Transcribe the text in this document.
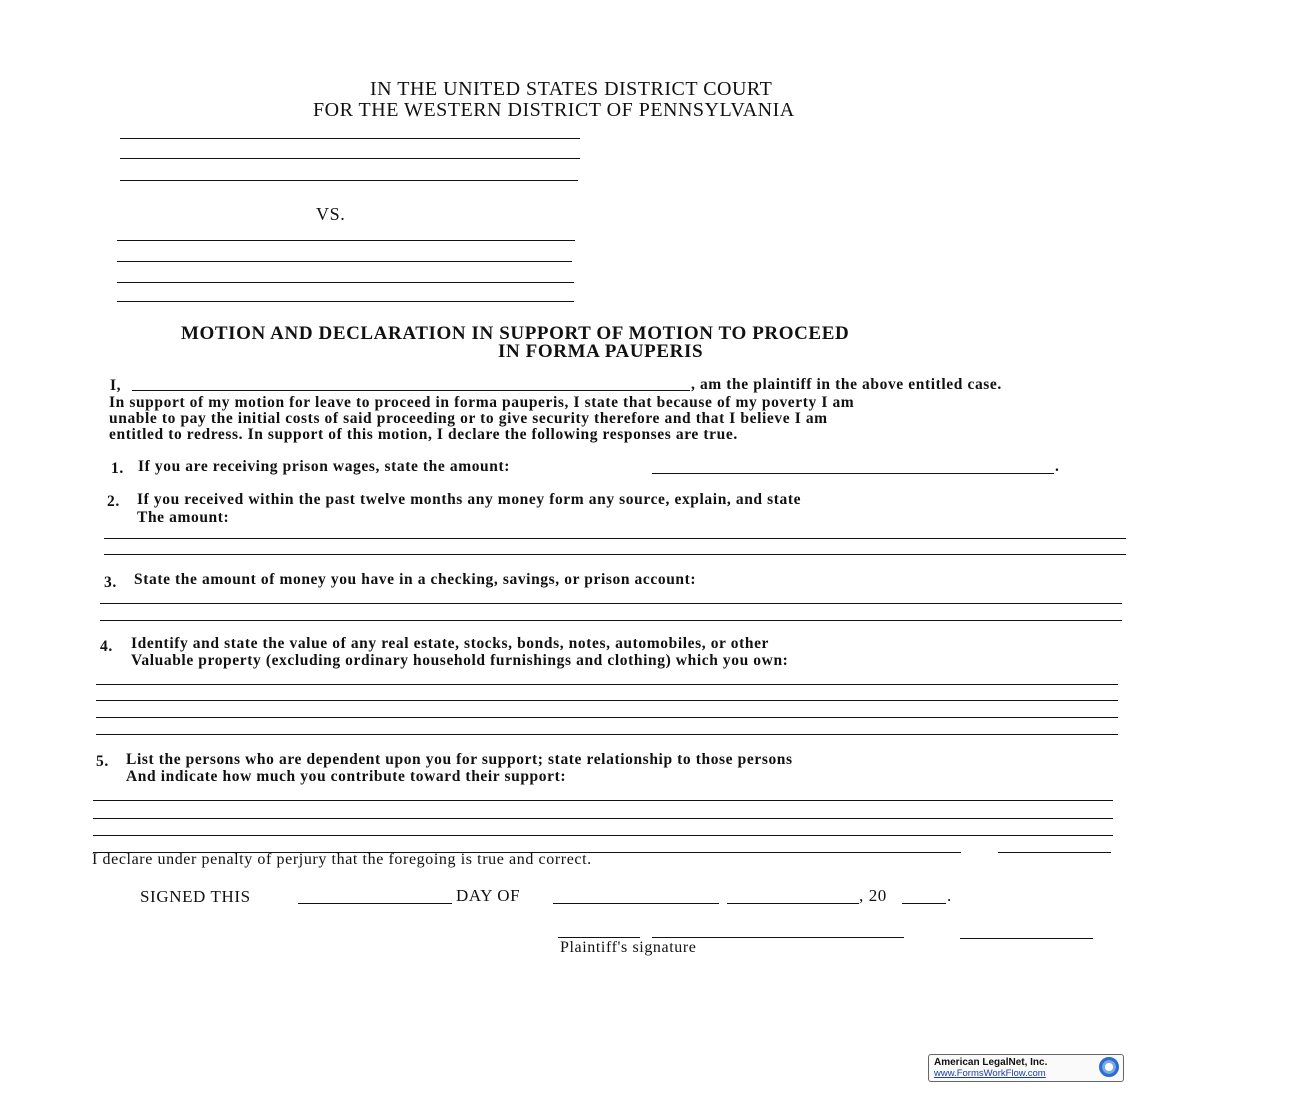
IN THE UNITED STATES DISTRICT COURT
FOR THE WESTERN DISTRICT OF PENNSYLVANIA
VS.
MOTION AND DECLARATION IN SUPPORT OF MOTION TO PROCEED
IN FORMA PAUPERIS
I,	, am the plaintiff in the above entitled case.
In support of my motion for leave to proceed in forma pauperis, I state that because of my poverty I am
unable to pay the initial costs of said proceeding or to give security therefore and that I believe I am
entitled to redress. In support of this motion, I declare the following responses are true.
1. If you are receiving prison wages, state the amount:	.
2. If you received within the past twelve months any money form any source, explain, and state
The amount:
3. State the amount of money you have in a checking, savings, or prison account:
4. Identify and state the value of any real estate, stocks, bonds, notes, automobiles, or other
Valuable property (excluding ordinary household furnishings and clothing) which you own:
5. List the persons who are dependent upon you for support; state relationship to those persons
And indicate how much you contribute toward their support:
I declare under penalty of perjury that the foregoing is true and correct.
SIGNED THIS	DAY OF	, 20	.
Plaintiff's signature
American LegalNet, Inc.
www.FormsWorkFlow.com
